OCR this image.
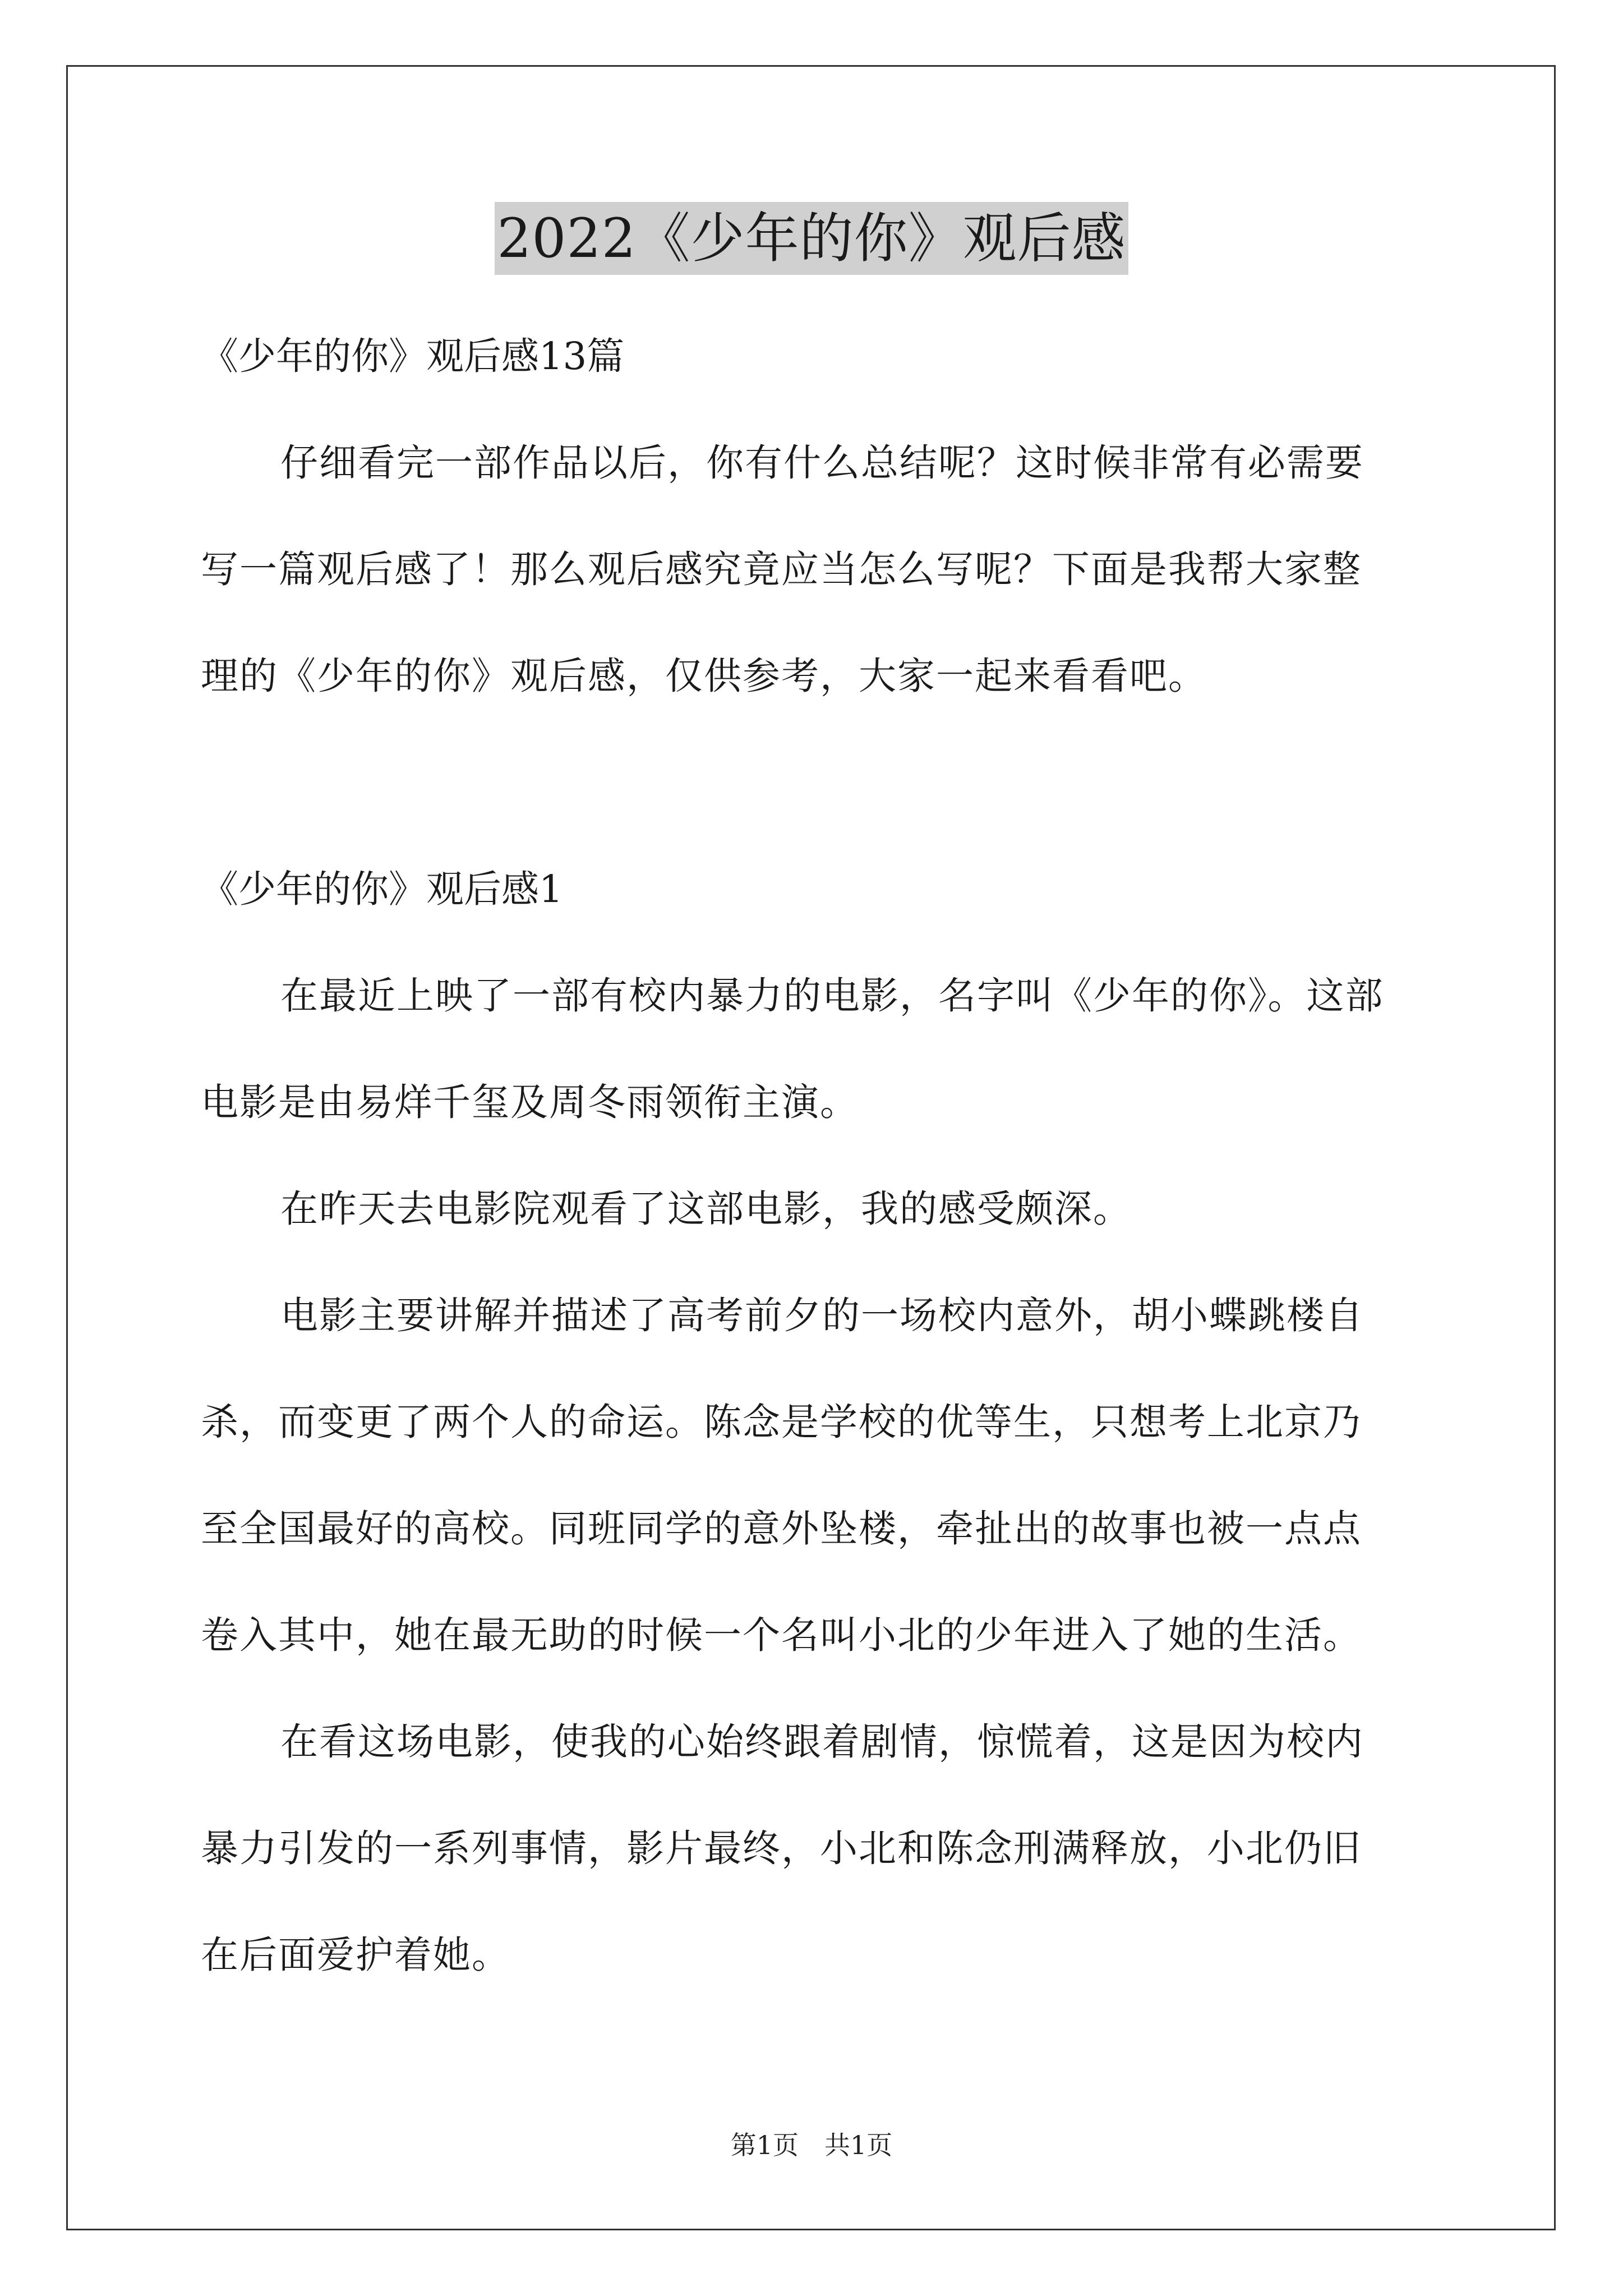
2022《少年的你》观后感
《少年的你》观后感13篇
仔细看完一部作品以后，你有什么总结呢？这时候非常有必需要
写一篇观后感了！那么观后感究竟应当怎么写呢？下面是我帮大家整
理的《少年的你》观后感，仅供参考，大家一起来看看吧。
《少年的你》观后感1
在最近上映了一部有校内暴力的电影，名字叫《少年的你》。这部
电影是由易烊千玺及周冬雨领衔主演。
在昨天去电影院观看了这部电影，我的感受颇深。
电影主要讲解并描述了高考前夕的一场校内意外，胡小蝶跳楼自
杀，而变更了两个人的命运。陈念是学校的优等生，只想考上北京乃
至全国最好的高校。同班同学的意外坠楼，牵扯出的故事也被一点点
卷入其中，她在最无助的时候一个名叫小北的少年进入了她的生活。
在看这场电影，使我的心始终跟着剧情，惊慌着，这是因为校内
暴力引发的一系列事情，影片最终，小北和陈念刑满释放，小北仍旧
在后面爱护着她。
第1页　共1页
